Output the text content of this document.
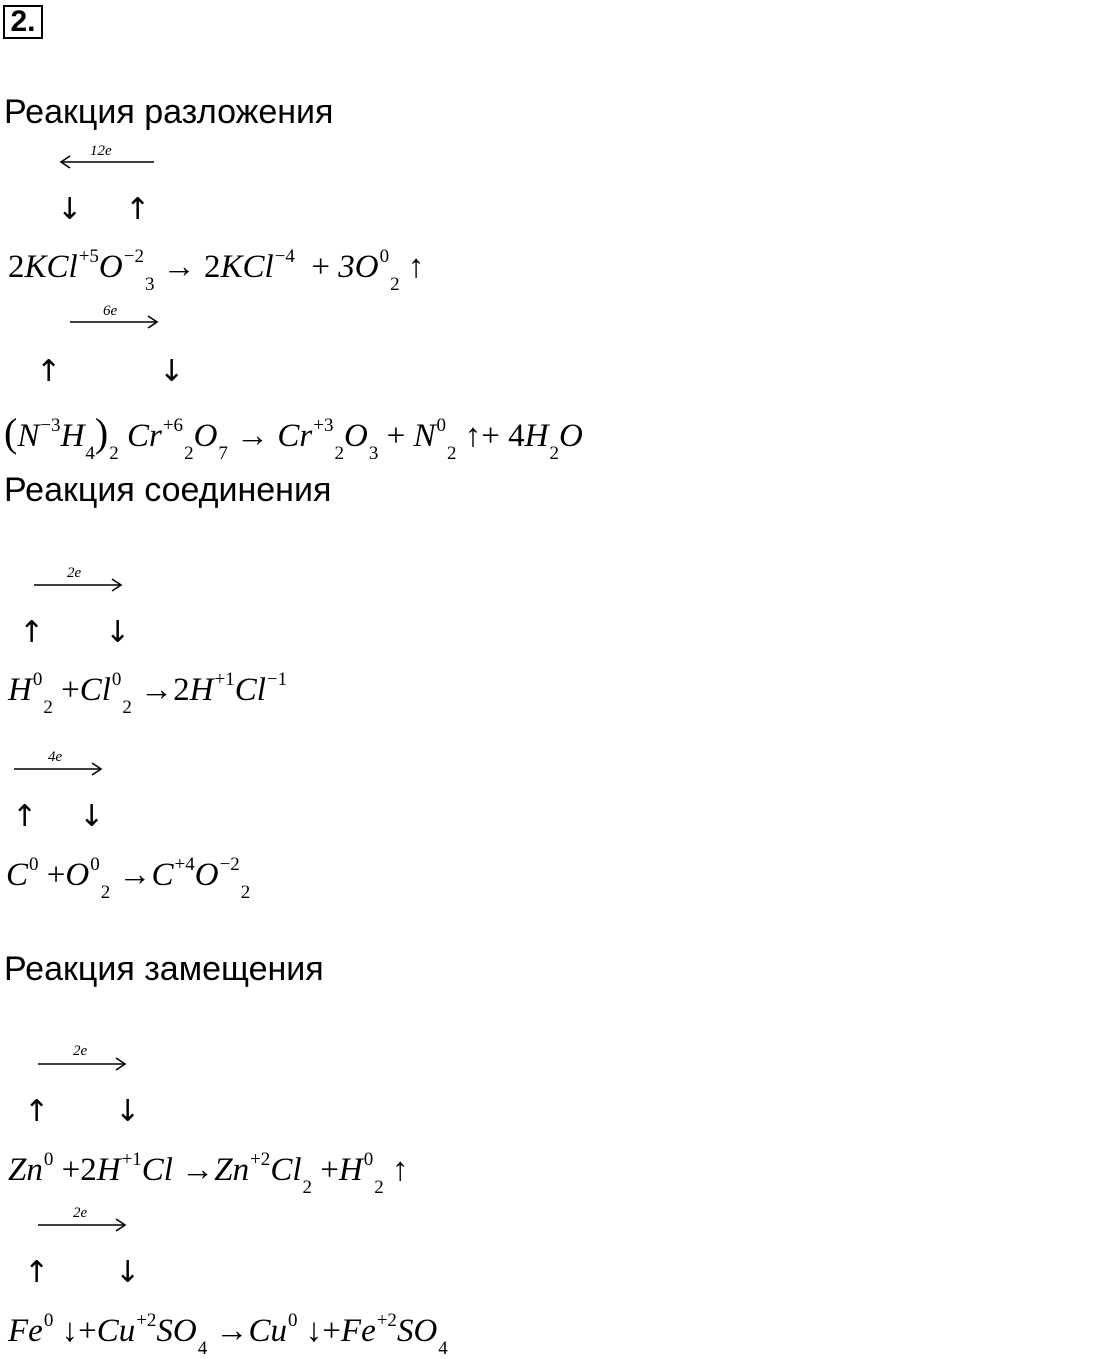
2.
Реакция разложения
12e
↓ ↑
$2KCl^{+5}O^{-2}_3 \to 2KCl^{-4} + 3O^0_2$ ↑
6e
↑	↓
$(N^{-3}H_4)_2$ $Cr^{+6}_2O_7 \to Cr^{+3}_2O_3 + N^0_2$ ↑+ $4H_2O$
Реакция соединения
2e
↑ ↓
$H^0_2 +Cl^0_2 \to 2H^{+1}Cl^{-1}$
4e
↑ ↓
$C^0 +O^0_2 \to C^{+4}O^{-2}_2$
Реакция замещения
2e
↑ ↓
$Zn^0 +2H^{+1}Cl \to Zn^{+2}Cl_2 +H^0_2$ ↑
2e
↑ ↓
Fe$^0$ $↓+Cu^{+2}SO_4 \to Cu^0$ $↓+Fe^{+2}SO_4$
